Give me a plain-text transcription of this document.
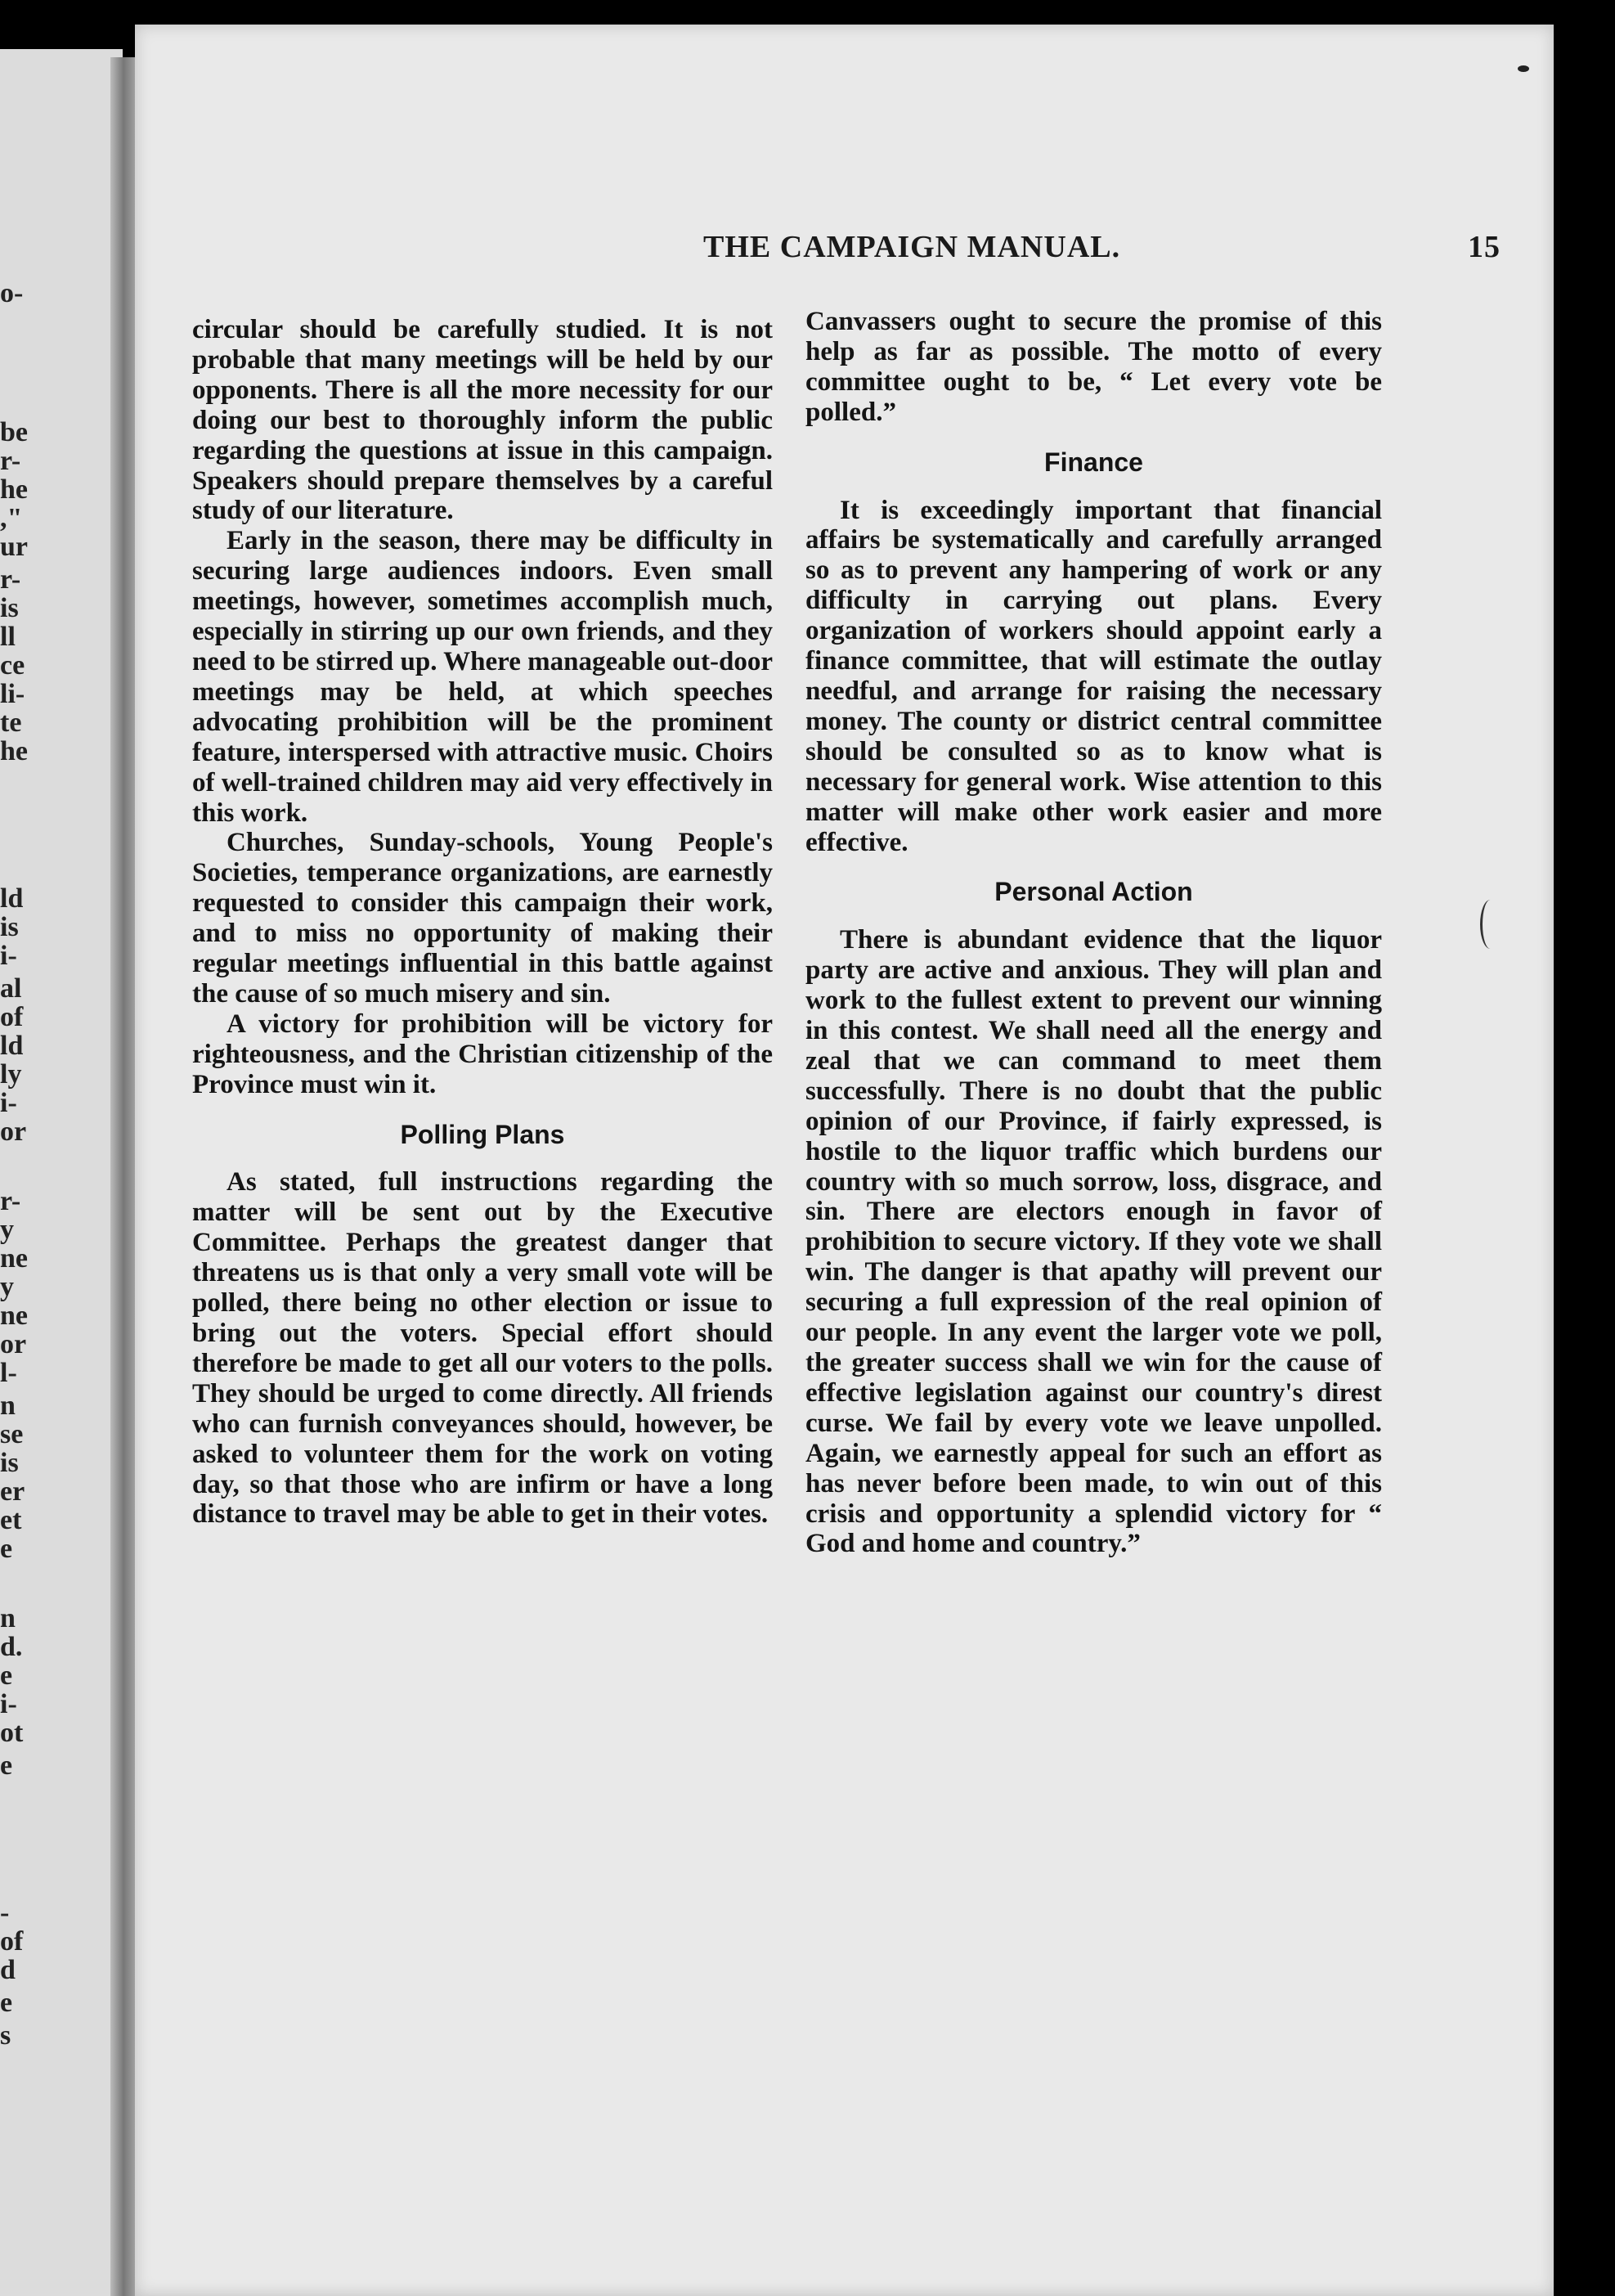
o-
be
r-
he
,"
ur
r-
is
ll
ce
li-
te
he
ld
is
i-
al
of
ld
ly
i-
or
r-
y
ne
y
ne
or
l-
n
se
is
er
et
e
n
d.
e
i-
ot
e
-
of
d
e
s
THE CAMPAIGN MANUAL.	15

circular should be carefully studied. It is not probable that many meetings will be held by our opponents. There is all the more necessity for our doing our best to thoroughly inform the public regarding the questions at issue in this campaign. Speakers should prepare themselves by a careful study of our literature.

Early in the season, there may be difficulty in securing large audiences indoors. Even small meetings, however, sometimes accomplish much, especially in stirring up our own friends, and they need to be stirred up. Where manageable out-door meetings may be held, at which speeches advocating prohibition will be the prominent feature, interspersed with attractive music. Choirs of well-trained children may aid very effectively in this work.

Churches, Sunday-schools, Young People's Societies, temperance organizations, are earnestly requested to consider this campaign their work, and to miss no opportunity of making their regular meetings influential in this battle against the cause of so much misery and sin.

A victory for prohibition will be victory for righteousness, and the Christian citizenship of the Province must win it.

Polling Plans

As stated, full instructions regarding the matter will be sent out by the Executive Committee. Perhaps the greatest danger that threatens us is that only a very small vote will be polled, there being no other election or issue to bring out the voters. Special effort should therefore be made to get all our voters to the polls. They should be urged to come directly. All friends who can furnish conveyances should, however, be asked to volunteer them for the work on voting day, so that those who are infirm or have a long distance to travel may be able to get in their votes.

Canvassers ought to secure the promise of this help as far as possible. The motto of every committee ought to be, “ Let every vote be polled.”

Finance

It is exceedingly important that financial affairs be systematically and carefully arranged so as to prevent any hampering of work or any difficulty in carrying out plans. Every organization of workers should appoint early a finance committee, that will estimate the outlay needful, and arrange for raising the necessary money. The county or district central committee should be consulted so as to know what is necessary for general work. Wise attention to this matter will make other work easier and more effective.

Personal Action

There is abundant evidence that the liquor party are active and anxious. They will plan and work to the fullest extent to prevent our winning in this contest. We shall need all the energy and zeal that we can command to meet them successfully. There is no doubt that the public opinion of our Province, if fairly expressed, is hostile to the liquor traffic which burdens our country with so much sorrow, loss, disgrace, and sin. There are electors enough in favor of prohibition to secure victory. If they vote we shall win. The danger is that apathy will prevent our securing a full expression of the real opinion of our people. In any event the larger vote we poll, the greater success shall we win for the cause of effective legislation against our country's direst curse. We fail by every vote we leave unpolled. Again, we earnestly appeal for such an effort as has never before been made, to win out of this crisis and opportunity a splendid victory for “ God and home and country.”
